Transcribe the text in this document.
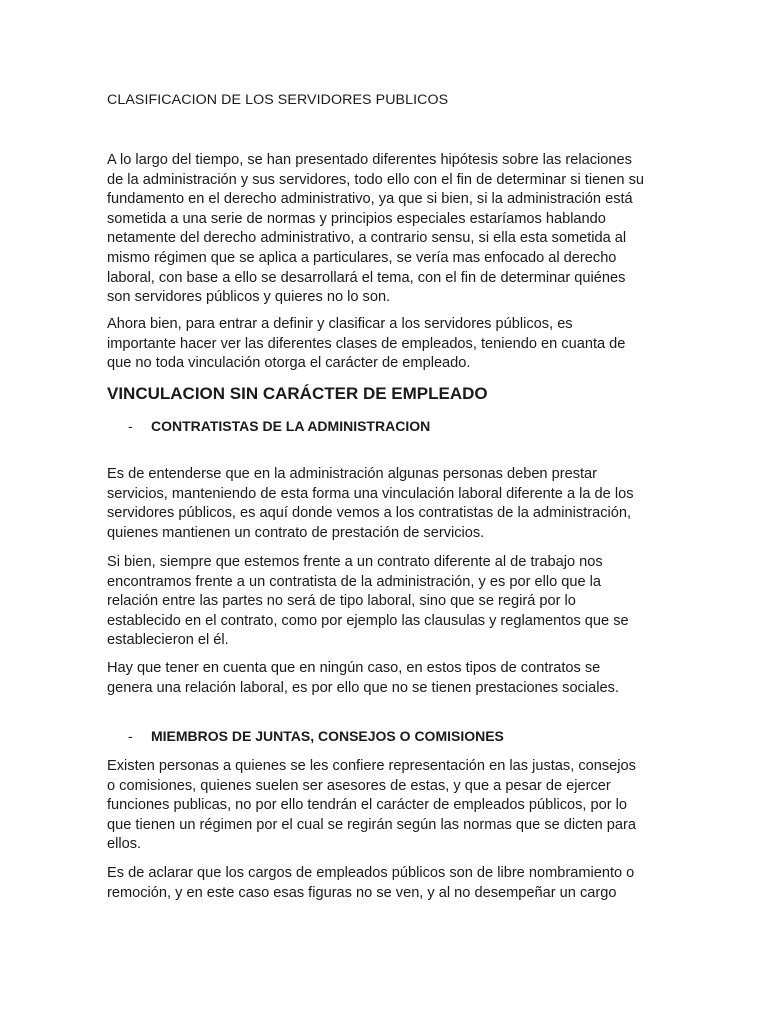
CLASIFICACION DE LOS SERVIDORES PUBLICOS

A lo largo del tiempo, se han presentado diferentes hipótesis sobre las relaciones
de la administración y sus servidores, todo ello con el fin de determinar si tienen su
fundamento en el derecho administrativo, ya que si bien, si la administración está
sometida a una serie de normas y principios especiales estaríamos hablando
netamente del derecho administrativo, a contrario sensu, si ella esta sometida al
mismo régimen que se aplica a particulares, se vería mas enfocado al derecho
laboral, con base a ello se desarrollará el tema, con el fin de determinar quiénes
son servidores públicos y quieres no lo son.

Ahora bien, para entrar a definir y clasificar a los servidores públicos, es
importante hacer ver las diferentes clases de empleados, teniendo en cuanta de
que no toda vinculación otorga el carácter de empleado.

VINCULACION SIN CARÁCTER DE EMPLEADO
- CONTRATISTAS DE LA ADMINISTRACION

Es de entenderse que en la administración algunas personas deben prestar
servicios, manteniendo de esta forma una vinculación laboral diferente a la de los
servidores públicos, es aquí donde vemos a los contratistas de la administración,
quienes mantienen un contrato de prestación de servicios.

Si bien, siempre que estemos frente a un contrato diferente al de trabajo nos
encontramos frente a un contratista de la administración, y es por ello que la
relación entre las partes no será de tipo laboral, sino que se regirá por lo
establecido en el contrato, como por ejemplo las clausulas y reglamentos que se
establecieron el él.

Hay que tener en cuenta que en ningún caso, en estos tipos de contratos se
genera una relación laboral, es por ello que no se tienen prestaciones sociales.

- MIEMBROS DE JUNTAS, CONSEJOS O COMISIONES

Existen personas a quienes se les confiere representación en las justas, consejos
o comisiones, quienes suelen ser asesores de estas, y que a pesar de ejercer
funciones publicas, no por ello tendrán el carácter de empleados públicos, por lo
que tienen un régimen por el cual se regirán según las normas que se dicten para
ellos.

Es de aclarar que los cargos de empleados públicos son de libre nombramiento o
remoción, y en este caso esas figuras no se ven, y al no desempeñar un cargo
